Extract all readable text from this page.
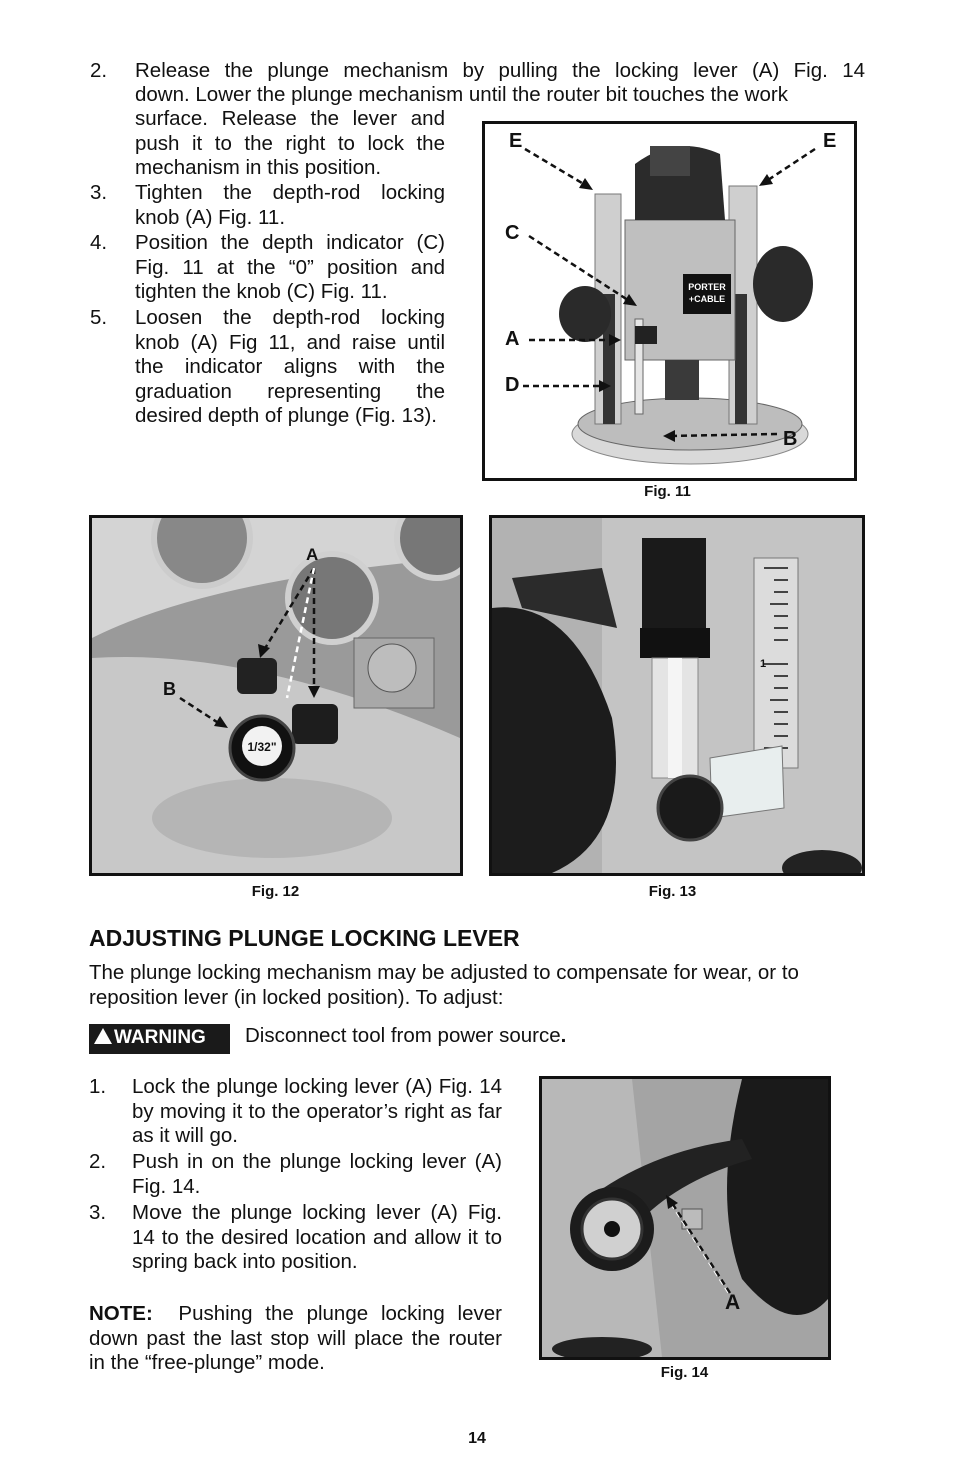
2. Release the plunge mechanism by pulling the locking lever (A) Fig. 14
down. Lower the plunge mechanism until the router bit touches the work
surface. Release the lever and push it to the right to lock the mechanism in this position.
3. Tighten the depth-rod locking knob (A) Fig. 11.
4. Position the depth indicator (C) Fig. 11 at the “0” position and tighten the knob (C) Fig. 11.
5. Loosen the depth-rod locking knob (A) Fig 11, and raise until the indicator aligns with the graduation representing the desired depth of plunge (Fig. 13).
PORTER
+CABLE
E	E
C
A
D
B
Fig. 11
1/32"
A
B
Fig. 12
1
Fig. 13
ADJUSTING PLUNGE LOCKING LEVER
The plunge locking mechanism may be adjusted to compensate for wear, or to reposition lever (in locked position). To adjust:
WARNING	Disconnect tool from power source.
1. Lock the plunge locking lever (A) Fig. 14 by moving it to the operator’s right as far as it will go.
2. Push in on the plunge locking lever (A) Fig. 14.
3. Move the plunge locking lever (A) Fig. 14 to the desired location and allow it to spring back into position.
NOTE: Pushing the plunge locking lever down past the last stop will place the router in the “free-plunge” mode.
A
Fig. 14
14
